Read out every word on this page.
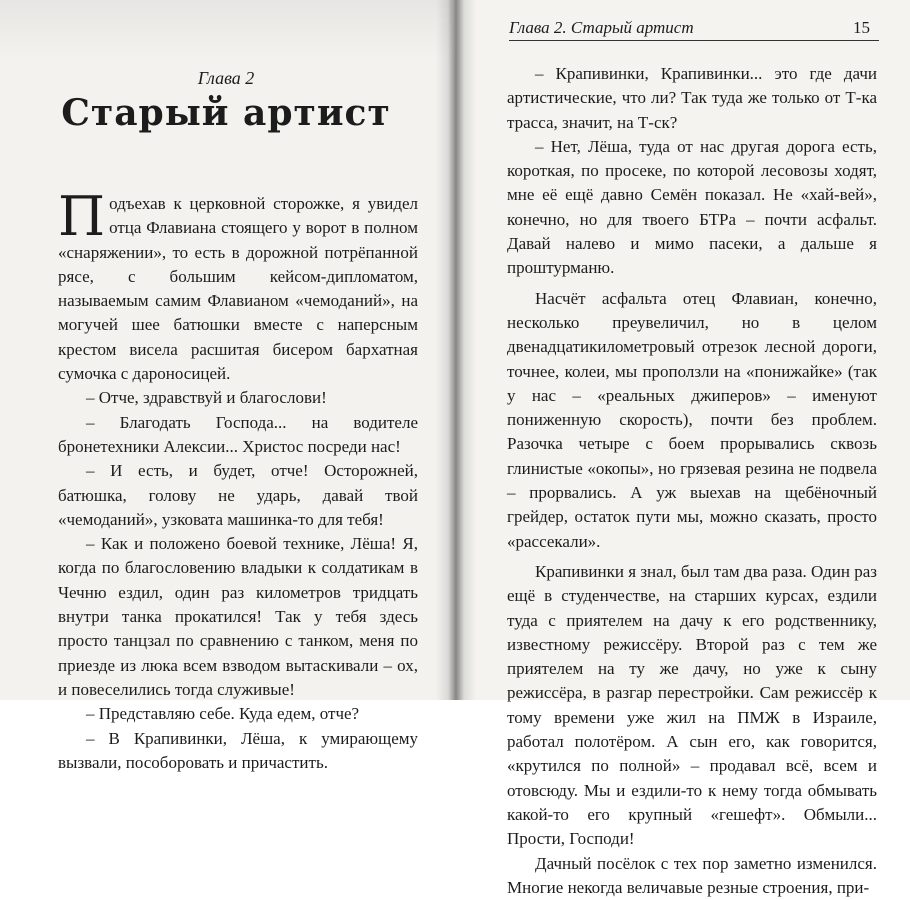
Глава 2
Старый артист

Подъехав к церковной сторожке, я увидел отца Флавиана стоящего у ворот в полном «снаряжении», то есть в дорожной потрёпанной рясе, с большим кейсом-дипломатом, называемым самим Флавианом «чемоданий», на могучей шее батюшки вместе с наперсным крестом висела расшитая бисером бархатная сумочка с дароносицей.

– Отче, здравствуй и благослови!

– Благодать Господа... на водителе бронетехники Алексии... Христос посреди нас!

– И есть, и будет, отче! Осторожней, батюшка, голову не ударь, давай твой «чемоданий», узковата машинка-то для тебя!

– Как и положено боевой технике, Лёша! Я, когда по благословению владыки к солдатикам в Чечню ездил, один раз километров тридцать внутри танка прокатился! Так у тебя здесь просто танцзал по сравнению с танком, меня по приезде из люка всем взводом вытаскивали – ох, и повеселились тогда служивые!

– Представляю себе. Куда едем, отче?

– В Крапивинки, Лёша, к умирающему вызвали, пособоровать и причастить.

Глава 2. Старый артист	15

– Крапивинки, Крапивинки... это где дачи артистические, что ли? Так туда же только от Т-ка трасса, значит, на Т-ск?

– Нет, Лёша, туда от нас другая дорога есть, короткая, по просеке, по которой лесовозы ходят, мне её ещё давно Семён показал. Не «хай-вей», конечно, но для твоего БТРа – почти асфальт. Давай налево и мимо пасеки, а дальше я проштурманю.

Насчёт асфальта отец Флавиан, конечно, несколько преувеличил, но в целом двенадцатикилометровый отрезок лесной дороги, точнее, колеи, мы проползли на «понижайке» (так у нас – «реальных джиперов» – именуют пониженную скорость), почти без проблем. Разочка четыре с боем прорывались сквозь глинистые «окопы», но грязевая резина не подвела – прорвались. А уж выехав на щебёночный грейдер, остаток пути мы, можно сказать, просто «рассекали».

Крапивинки я знал, был там два раза. Один раз ещё в студенчестве, на старших курсах, ездили туда с приятелем на дачу к его родственнику, известному режиссёру. Второй раз с тем же приятелем на ту же дачу, но уже к сыну режиссёра, в разгар перестройки. Сам режиссёр к тому времени уже жил на ПМЖ в Израиле, работал полотёром. А сын его, как говорится, «крутился по полной» – продавал всё, всем и отовсюду. Мы и ездили-то к нему тогда обмывать какой-то его крупный «гешефт». Обмыли... Прости, Господи!

Дачный посёлок с тех пор заметно изменился. Многие некогда величавые резные строения, при-
